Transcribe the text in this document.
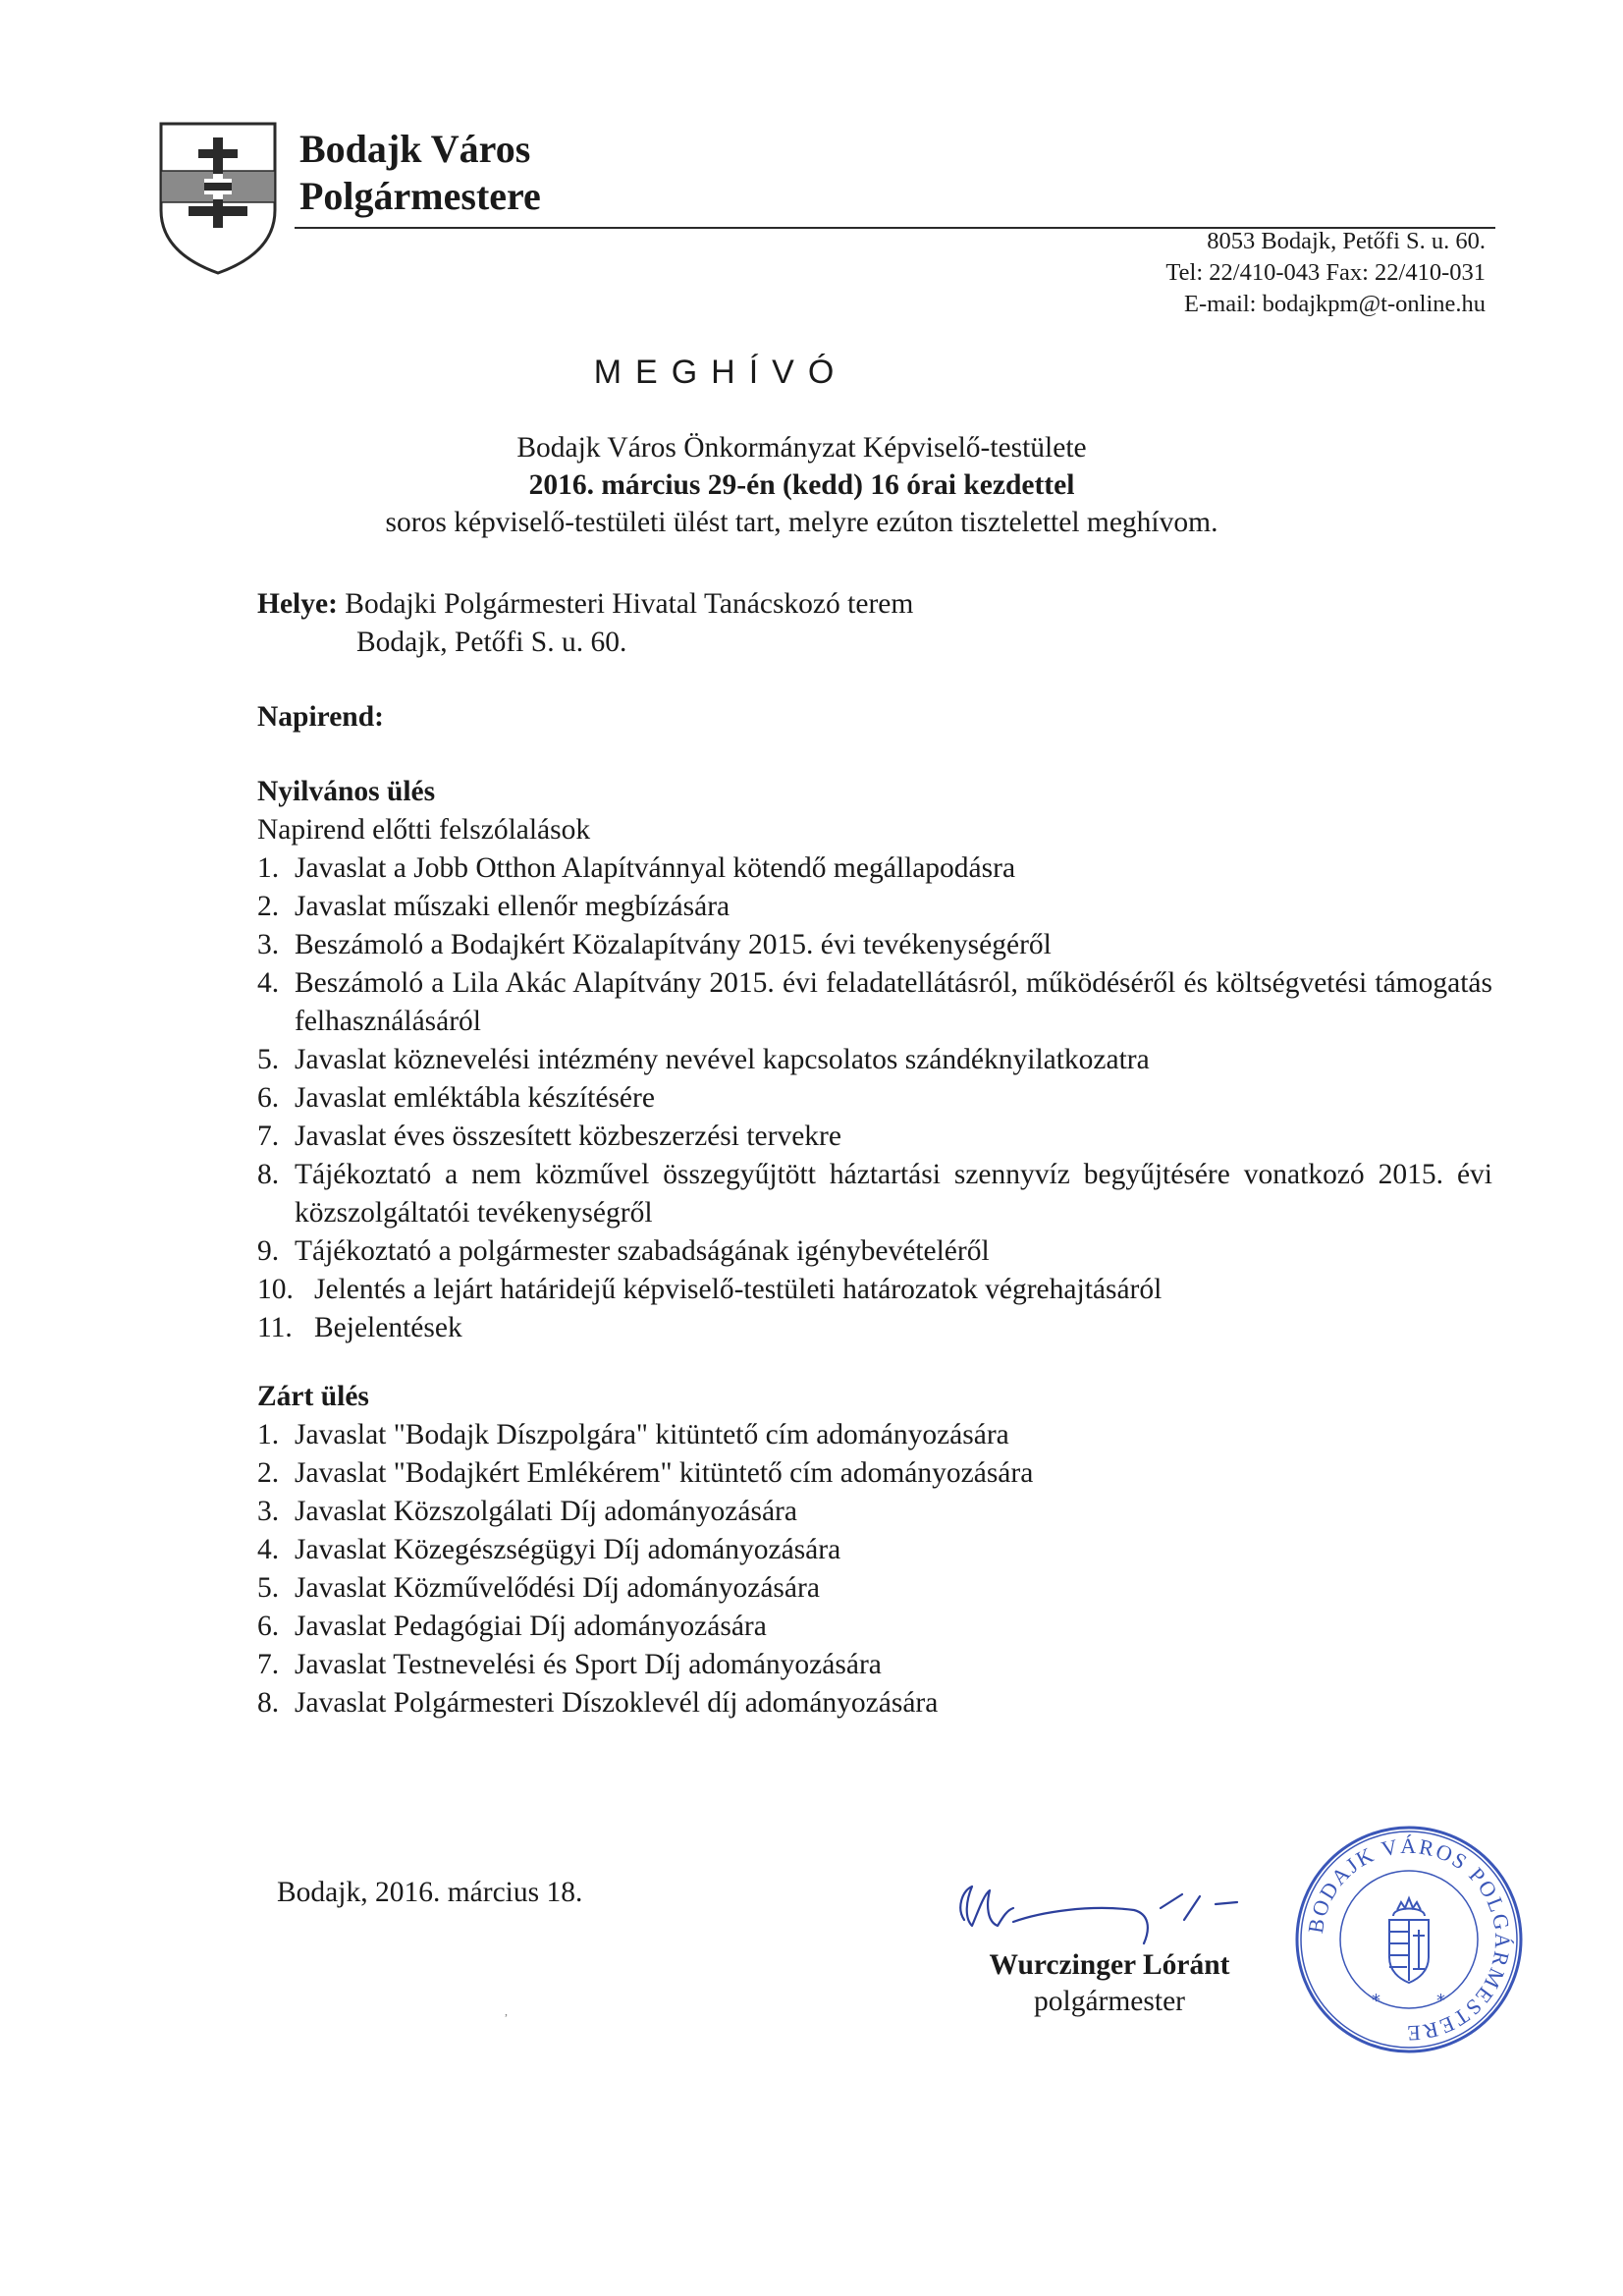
Bodajk Város
Polgármestere
8053 Bodajk, Petőfi S. u. 60.
Tel: 22/410-043 Fax: 22/410-031
E-mail: bodajkpm@t-online.hu
MEGHÍVÓ
Bodajk Város Önkormányzat Képviselő-testülete
2016. március 29-én (kedd) 16 órai kezdettel
soros képviselő-testületi ülést tart, melyre ezúton tisztelettel meghívom.
Helye: Bodajki Polgármesteri Hivatal Tanácskozó terem
Bodajk, Petőfi S. u. 60.
Napirend:
Nyilvános ülés
Napirend előtti felszólalások
1. Javaslat a Jobb Otthon Alapítvánnyal kötendő megállapodásra
2. Javaslat műszaki ellenőr megbízására
3. Beszámoló a Bodajkért Közalapítvány 2015. évi tevékenységéről
4. Beszámoló a Lila Akác Alapítvány 2015. évi feladatellátásról, működéséről és költségvetési támogatás felhasználásáról
5. Javaslat köznevelési intézmény nevével kapcsolatos szándéknyilatkozatra
6. Javaslat emléktábla készítésére
7. Javaslat éves összesített közbeszerzési tervekre
8. Tájékoztató a nem közművel összegyűjtött háztartási szennyvíz begyűjtésére vonatkozó 2015. évi közszolgáltatói tevékenységről
9. Tájékoztató a polgármester szabadságának igénybevételéről
10. Jelentés a lejárt határidejű képviselő-testületi határozatok végrehajtásáról
11. Bejelentések
Zárt ülés
1. Javaslat "Bodajk Díszpolgára" kitüntető cím adományozására
2. Javaslat "Bodajkért Emlékérem" kitüntető cím adományozására
3. Javaslat Közszolgálati Díj adományozására
4. Javaslat Közegészségügyi Díj adományozására
5. Javaslat Közművelődési Díj adományozására
6. Javaslat Pedagógiai Díj adományozására
7. Javaslat Testnevelési és Sport Díj adományozására
8. Javaslat Polgármesteri Díszoklevél díj adományozására
Bodajk, 2016. március 18.
Wurczinger Lóránt
polgármester
BODAJK VÁROS POLGÁRMESTERE
*	*
,
